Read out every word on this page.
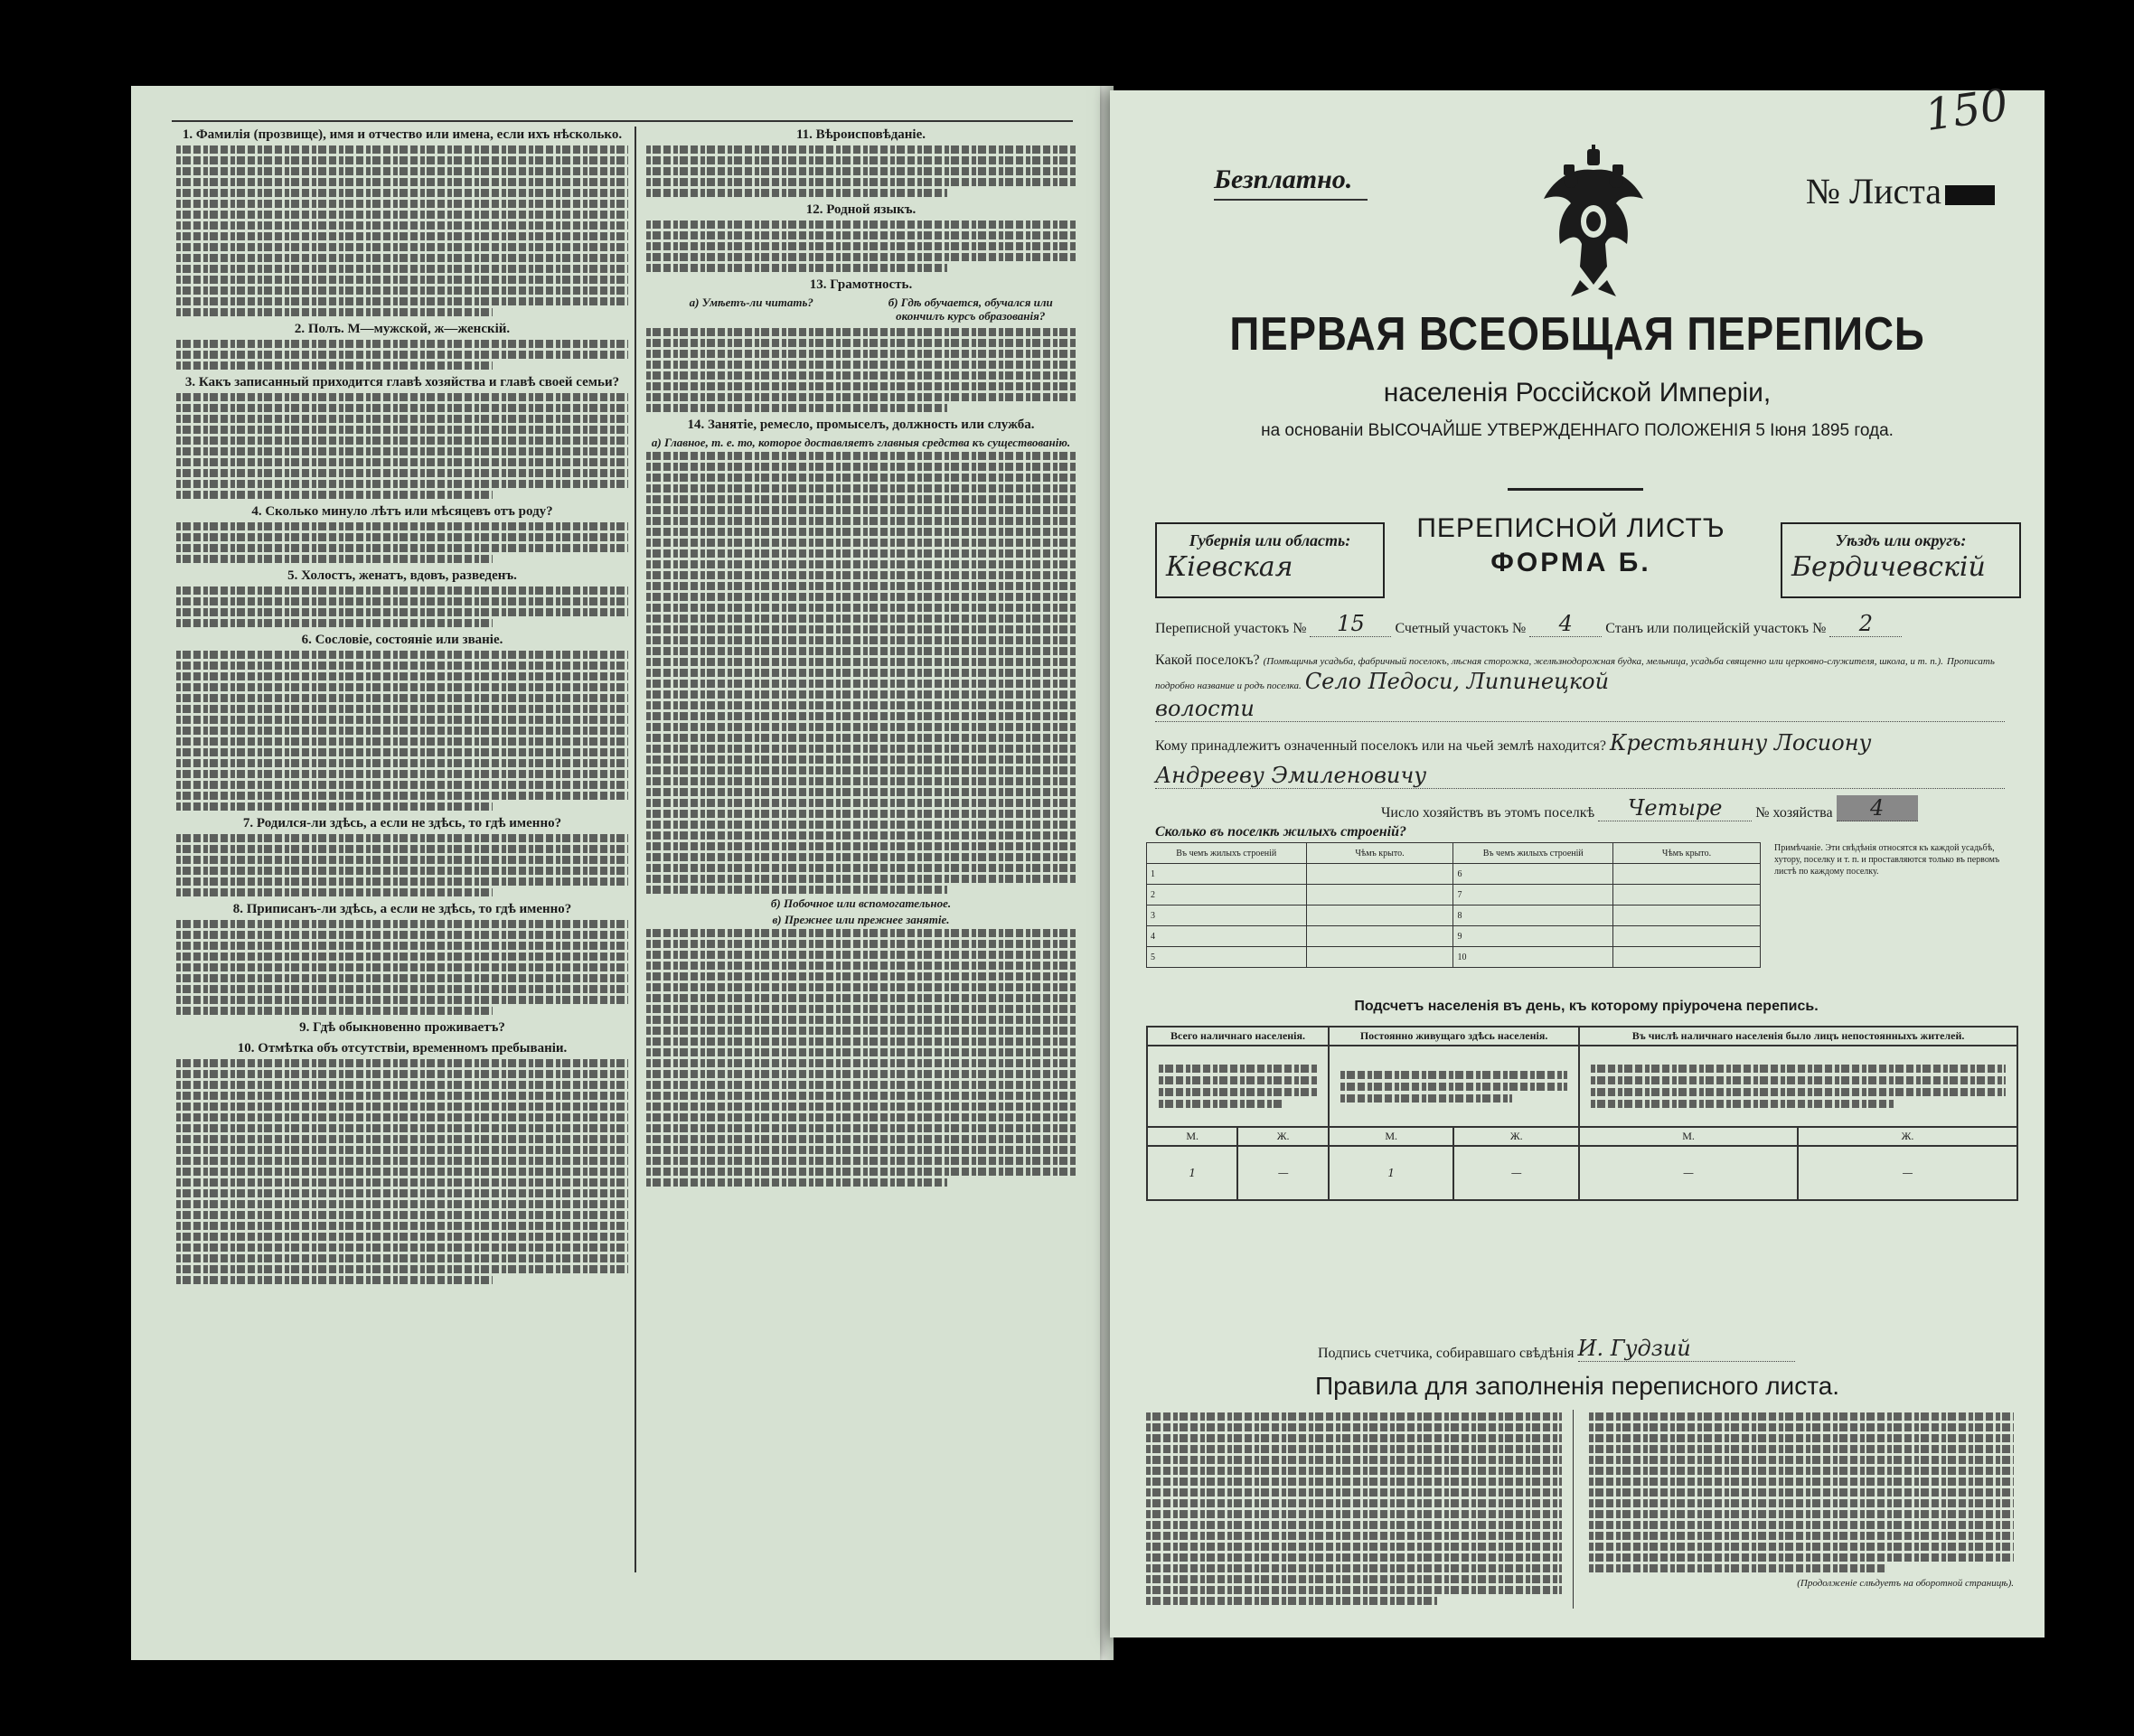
1. Фамилія (прозвище), имя и отчество или имена, если ихъ нѣсколько.
2. Полъ. М—мужской, ж—женскій.
3. Какъ записанный приходится главѣ хозяйства и главѣ своей семьи?
4. Сколько минуло лѣтъ или мѣсяцевъ отъ роду?
5. Холостъ, женатъ, вдовъ, разведенъ.
6. Сословіе, состояніе или званіе.
7. Родился-ли здѣсь, а если не здѣсь, то гдѣ именно?
8. Приписанъ-ли здѣсь, а если не здѣсь, то гдѣ именно?
9. Гдѣ обыкновенно проживаетъ?
10. Отмѣтка объ отсутствіи, временномъ пребываніи.
11. Вѣроисповѣданіе.
12. Родной языкъ.
13. Грамотность.
а) Умѣетъ-ли читать?	б) Гдѣ обучается, обучался или окончилъ курсъ образованія?
14. Занятіе, ремесло, промыселъ, должность или служба.
а) Главное, т. е. то, которое доставляетъ главныя средства къ существованію.
б) Побочное или вспомогательное.
в) Прежнее или прежнее занятіе.
150
Безплатно.	№ Листа
ПЕРВАЯ ВСЕОБЩАЯ ПЕРЕПИСЬ
населенія Россійской Имперіи,
на основаніи ВЫСОЧАЙШЕ УТВЕРЖДЕННАГО ПОЛОЖЕНІЯ 5 Іюня 1895 года.
Губернія или область:
Кіевская
ПЕРЕПИСНОЙ ЛИСТЪ
ФОРМА Б.
Уѣздъ или округъ:
Бердичевскій
Переписной участокъ № 15 Счетный участокъ № 4 Станъ или полицейскій участокъ № 2
Какой поселокъ? (Помѣщичья усадьба, фабричный поселокъ, лѣсная сторожка, желѣзнодорожная будка, мельница, усадьба священно или церковно-служителя, школа, и т. п.). Прописать подробно название и родъ поселка. Село Педоси, Липинецкой
волости
Кому принадлежитъ означенный поселокъ или на чьей землѣ находится? Крестьянину Лосиону
Андрееву Эмиленовичу
Число хозяйствъ въ этомъ поселкѣ Четыре № хозяйства 4
Сколько въ поселкѣ жилыхъ строеній?
Въ чемъ жилыхъ строеній	Чѣмъ крыто.	Въ чемъ жилыхъ строеній	Чѣмъ крыто.
1		6	
2		7	
3		8	
4		9	
5		10	
Примѣчаніе. Эти свѣдѣнія относятся къ каждой усадьбѣ, хутору, поселку и т. п. и проставляются только въ первомъ листѣ по каждому поселку.
Подсчетъ населенія въ день, къ которому пріурочена перепись.
Всего наличнаго населенія.		Постоянно живущаго здѣсь населенія.		Въ числѣ наличнаго населенія было лицъ непостоянныхъ жителей.	

М.	Ж.	М.	Ж.	М.	Ж.
1	—	1	—	—	—
Подпись счетчика, собиравшаго свѣдѣнія И. Гудзий
Правила для заполненія переписного листа.
(Продолженіе слѣдуетъ на оборотной страницѣ).
